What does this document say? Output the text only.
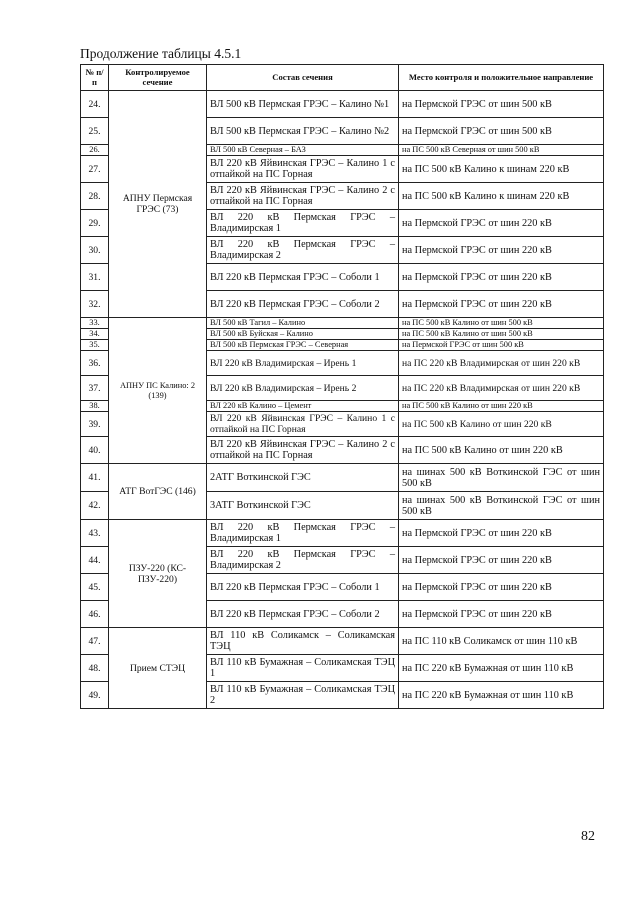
Продолжение таблицы 4.5.1
№ п/п	Контролируемое сечение	Состав сечения	Место контроля и положительное направление
24.	АПНУ Пермская ГРЭС (73)	ВЛ 500 кВ Пермская ГРЭС – Калино №1	на Пермской ГРЭС от шин 500 кВ
25.		ВЛ 500 кВ Пермская ГРЭС – Калино №2	на Пермской ГРЭС от шин 500 кВ
26.		ВЛ 500 кВ Северная – БАЗ	на ПС 500 кВ Северная от шин 500 кВ
27.		ВЛ 220 кВ Яйвинская ГРЭС – Калино 1 с отпайкой на ПС Горная	на ПС 500 кВ Калино к шинам 220 кВ
28.		ВЛ 220 кВ Яйвинская ГРЭС – Калино 2 с отпайкой на ПС Горная	на ПС 500 кВ Калино к шинам 220 кВ
29.		ВЛ 220 кВ Пермская ГРЭС – Владимирская 1	на Пермской ГРЭС от шин 220 кВ
30.		ВЛ 220 кВ Пермская ГРЭС – Владимирская 2	на Пермской ГРЭС от шин 220 кВ
31.		ВЛ 220 кВ Пермская ГРЭС – Соболи 1	на Пермской ГРЭС от шин 220 кВ
32.		ВЛ 220 кВ Пермская ГРЭС – Соболи 2	на Пермской ГРЭС от шин 220 кВ
33.	АПНУ ПС Калино: 2 (139)	ВЛ 500 кВ Тагил – Калино	на ПС 500 кВ Калино от шин 500 кВ
34.		ВЛ 500 кВ Буйская – Калино	на ПС 500 кВ Калино от шин 500 кВ
35.		ВЛ 500 кВ Пермская ГРЭС – Северная	на Пермской ГРЭС от шин 500 кВ
36.		ВЛ 220 кВ Владимирская – Ирень 1	на ПС 220 кВ Владимирская от шин 220 кВ
37.		ВЛ 220 кВ Владимирская – Ирень 2	на ПС 220 кВ Владимирская от шин 220 кВ
38.		ВЛ 220 кВ Калино – Цемент	на ПС 500 кВ Калино от шин 220 кВ
39.		ВЛ 220 кВ Яйвинская ГРЭС – Калино 1 с отпайкой на ПС Горная	на ПС 500 кВ Калино от шин 220 кВ
40.		ВЛ 220 кВ Яйвинская ГРЭС – Калино 2 с отпайкой на ПС Горная	на ПС 500 кВ Калино от шин 220 кВ
41.	АТГ ВотГЭС (146)	2АТГ Воткинской ГЭС	на шинах 500 кВ Воткинской ГЭС от шин 500 кВ
42.		3АТГ Воткинской ГЭС	на шинах 500 кВ Воткинской ГЭС от шин 500 кВ
43.	ПЗУ-220 (КС-ПЗУ-220)	ВЛ 220 кВ Пермская ГРЭС – Владимирская 1	на Пермской ГРЭС от шин 220 кВ
44.		ВЛ 220 кВ Пермская ГРЭС – Владимирская 2	на Пермской ГРЭС от шин 220 кВ
45.		ВЛ 220 кВ Пермская ГРЭС – Соболи 1	на Пермской ГРЭС от шин 220 кВ
46.		ВЛ 220 кВ Пермская ГРЭС – Соболи 2	на Пермской ГРЭС от шин 220 кВ
47.	Прием СТЭЦ	ВЛ 110 кВ Соликамск – Соликамская ТЭЦ	на ПС 110 кВ Соликамск от шин 110 кВ
48.		ВЛ 110 кВ Бумажная – Соликамская ТЭЦ 1	на ПС 220 кВ Бумажная от шин 110 кВ
49.		ВЛ 110 кВ Бумажная – Соликамская ТЭЦ 2	на ПС 220 кВ Бумажная от шин 110 кВ
82
